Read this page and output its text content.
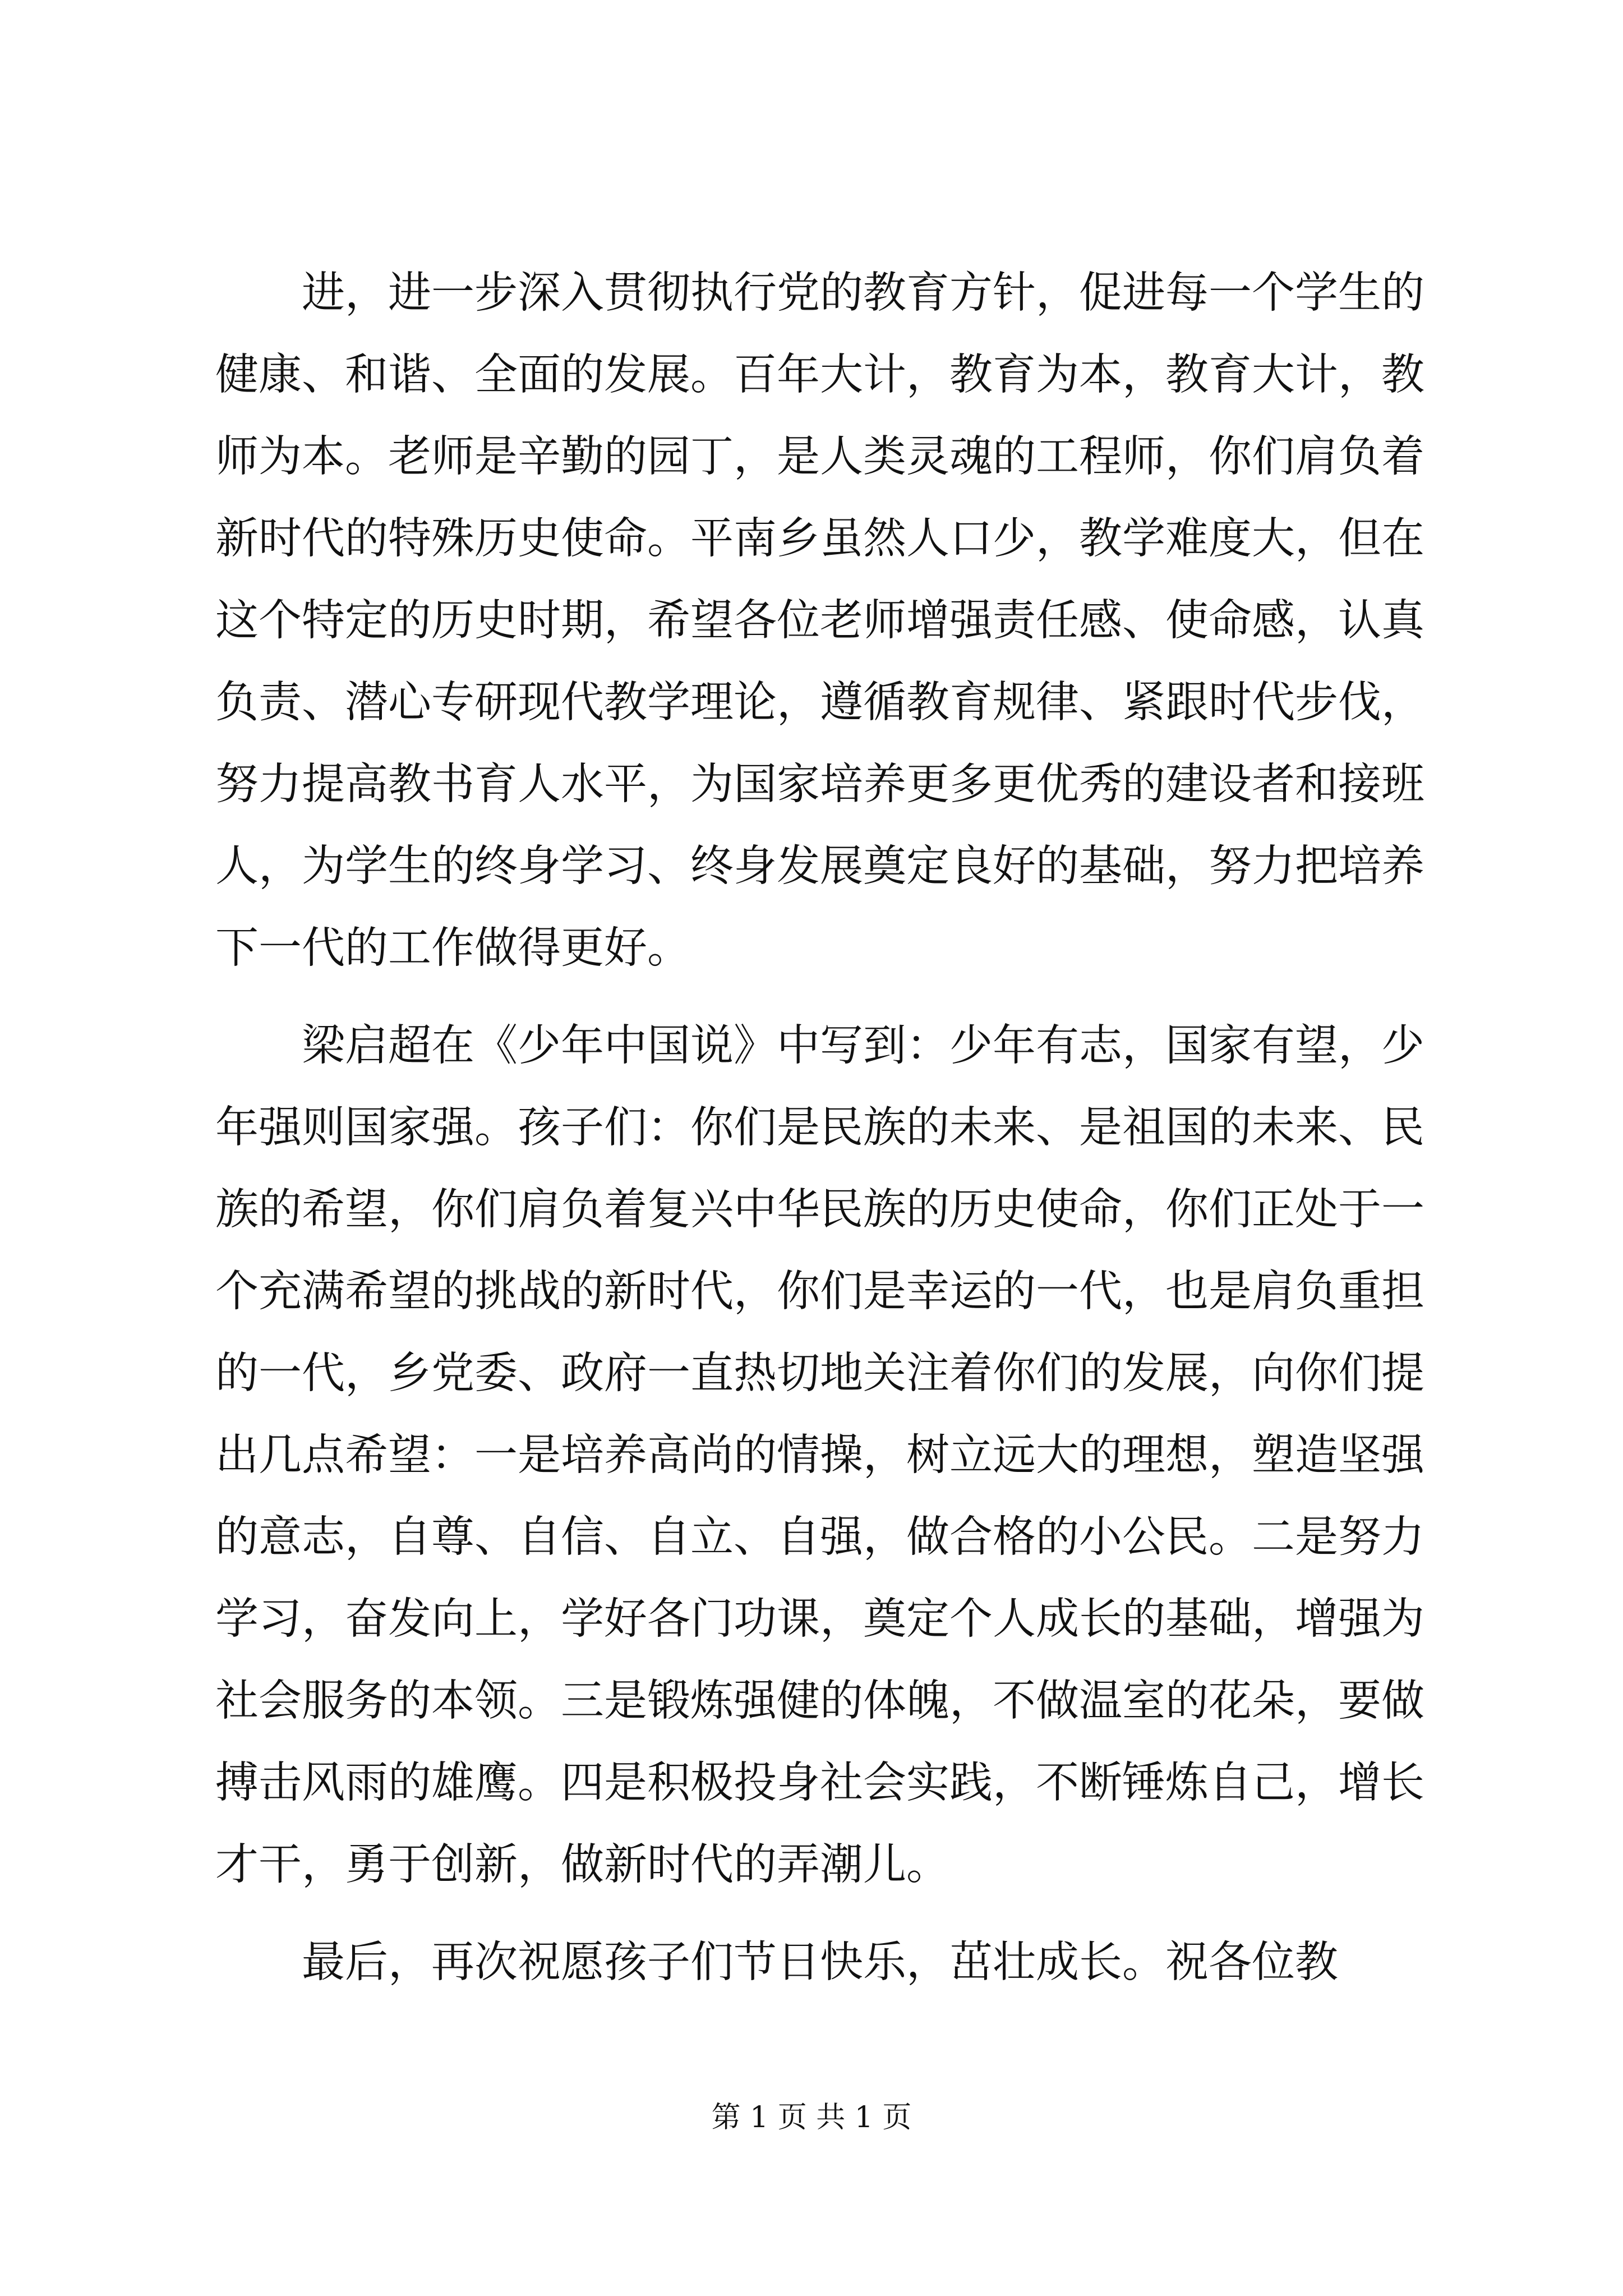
进 ， 进 一 步 深 入 贯 彻 执 行 党 的 教 育 方 针 ， 促 进 每 一 个 学 生 的
健 康 、 和 谐 、 全 面 的 发 展 。 百 年 大 计 ， 教 育 为 本 ， 教 育 大 计 ， 教
师 为 本 。 老 师 是 辛 勤 的 园 丁 ， 是 人 类 灵 魂 的 工 程 师 ， 你 们 肩 负 着
新 时 代 的 特 殊 历 史 使 命 。 平 南 乡 虽 然 人 口 少 ， 教 学 难 度 大 ， 但 在
这 个 特 定 的 历 史 时 期 ， 希 望 各 位 老 师 增 强 责 任 感 、 使 命 感 ， 认 真
负 责 、 潜 心 专 研 现 代 教 学 理 论 ， 遵 循 教 育 规 律 、 紧 跟 时 代 步 伐 ，
努 力 提 高 教 书 育 人 水 平 ， 为 国 家 培 养 更 多 更 优 秀 的 建 设 者 和 接 班
人 ， 为 学 生 的 终 身 学 习 、 终 身 发 展 奠 定 良 好 的 基 础 ， 努 力 把 培 养
下一代的工作做得更好。
梁 启 超 在 《 少 年 中 国 说 》 中 写 到 ： 少 年 有 志 ， 国 家 有 望 ， 少
年 强 则 国 家 强 。 孩 子 们 ： 你 们 是 民 族 的 未 来 、 是 祖 国 的 未 来 、 民
族 的 希 望 ， 你 们 肩 负 着 复 兴 中 华 民 族 的 历 史 使 命 ， 你 们 正 处 于 一
个 充 满 希 望 的 挑 战 的 新 时 代 ， 你 们 是 幸 运 的 一 代 ， 也 是 肩 负 重 担
的 一 代 ， 乡 党 委 、 政 府 一 直 热 切 地 关 注 着 你 们 的 发 展 ， 向 你 们 提
出 几 点 希 望 ： 一 是 培 养 高 尚 的 情 操 ， 树 立 远 大 的 理 想 ， 塑 造 坚 强
的 意 志 ， 自 尊 、 自 信 、 自 立 、 自 强 ， 做 合 格 的 小 公 民 。 二 是 努 力
学 习 ， 奋 发 向 上 ， 学 好 各 门 功 课 ， 奠 定 个 人 成 长 的 基 础 ， 增 强 为
社 会 服 务 的 本 领 。 三 是 锻 炼 强 健 的 体 魄 ， 不 做 温 室 的 花 朵 ， 要 做
搏 击 风 雨 的 雄 鹰 。 四 是 积 极 投 身 社 会 实 践 ， 不 断 锤 炼 自 己 ， 增 长
才干，勇于创新，做新时代的弄潮儿。
最后，再次祝愿孩子们节日快乐，茁壮成长。祝各位教
第 1 页 共 1 页
